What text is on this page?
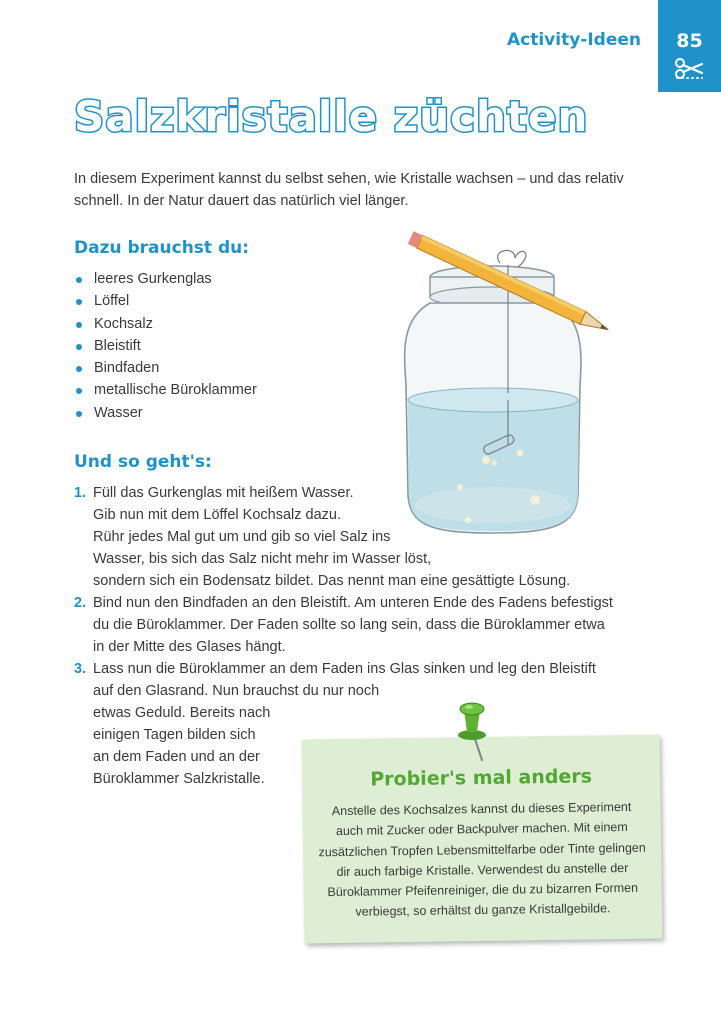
Activity-Ideen	85
Salzkristalle züchten

In diesem Experiment kannst du selbst sehen, wie Kristalle wachsen – und das relativ schnell. In der Natur dauert das natürlich viel länger.

Dazu brauchst du:
leeres Gurkenglas
Löffel
Kochsalz
Bleistift
Bindfaden
metallische Büroklammer
Wasser
Und so geht's:
1. Füll das Gurkenglas mit heißem Wasser.
Gib nun mit dem Löffel Kochsalz dazu.
Rühr jedes Mal gut um und gib so viel Salz ins
Wasser, bis sich das Salz nicht mehr im Wasser löst,
sondern sich ein Bodensatz bildet. Das nennt man eine gesättigte Lösung.
2. Bind nun den Bindfaden an den Bleistift. Am unteren Ende des Fadens befestigst
du die Büroklammer. Der Faden sollte so lang sein, dass die Büroklammer etwa
in der Mitte des Glases hängt.
3. Lass nun die Büroklammer an dem Faden ins Glas sinken und leg den Bleistift
auf den Glasrand. Nun brauchst du nur noch
etwas Geduld. Bereits nach
einigen Tagen bilden sich
an dem Faden und an der
Büroklammer Salzkristalle.	Probier's mal anders

Anstelle des Kochsalzes kannst du dieses Experiment
auch mit Zucker oder Backpulver machen. Mit einem
zusätzlichen Tropfen Lebensmittelfarbe oder Tinte gelingen
dir auch farbige Kristalle. Verwendest du anstelle der
Büroklammer Pfeifenreiniger, die du zu bizarren Formen
verbiegst, so erhältst du ganze Kristallgebilde.
